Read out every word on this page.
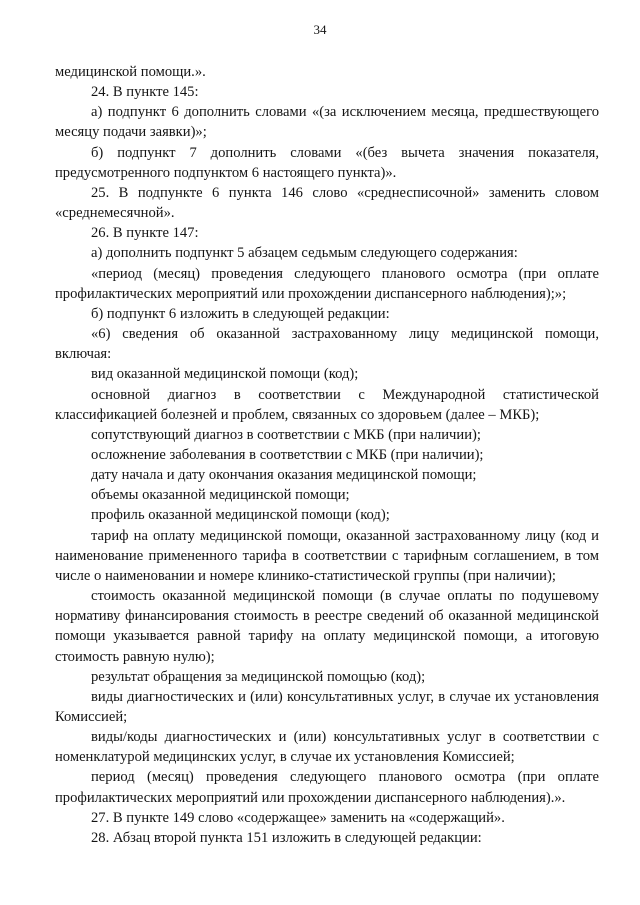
34

медицинской помощи.».

24. В пункте 145:

а) подпункт 6 дополнить словами «(за исключением месяца, предшествующего месяцу подачи заявки)»;

б) подпункт 7 дополнить словами «(без вычета значения показателя, предусмотренного подпунктом 6 настоящего пункта)».

25. В подпункте 6 пункта 146 слово «среднесписочной» заменить словом «среднемесячной».

26. В пункте 147:

а) дополнить подпункт 5 абзацем седьмым следующего содержания:

«период (месяц) проведения следующего планового осмотра (при оплате профилактических мероприятий или прохождении диспансерного наблюдения);»;

б) подпункт 6 изложить в следующей редакции:

«6) сведения об оказанной застрахованному лицу медицинской помощи, включая:

вид оказанной медицинской помощи (код);

основной диагноз в соответствии с Международной статистической классификацией болезней и проблем, связанных со здоровьем (далее – МКБ);

сопутствующий диагноз в соответствии с МКБ (при наличии);

осложнение заболевания в соответствии с МКБ (при наличии);

дату начала и дату окончания оказания медицинской помощи;

объемы оказанной медицинской помощи;

профиль оказанной медицинской помощи (код);

тариф на оплату медицинской помощи, оказанной застрахованному лицу (код и наименование примененного тарифа в соответствии с тарифным соглашением, в том числе о наименовании и номере клинико-статистической группы (при наличии);

стоимость оказанной медицинской помощи (в случае оплаты по подушевому нормативу финансирования стоимость в реестре сведений об оказанной медицинской помощи указывается равной тарифу на оплату медицинской помощи, а итоговую стоимость равную нулю);

результат обращения за медицинской помощью (код);

виды диагностических и (или) консультативных услуг, в случае их установления Комиссией;

виды/коды диагностических и (или) консультативных услуг в соответствии с номенклатурой медицинских услуг, в случае их установления Комиссией;

период (месяц) проведения следующего планового осмотра (при оплате профилактических мероприятий или прохождении диспансерного наблюдения).».

27. В пункте 149 слово «содержащее» заменить на «содержащий».

28. Абзац второй пункта 151 изложить в следующей редакции:
